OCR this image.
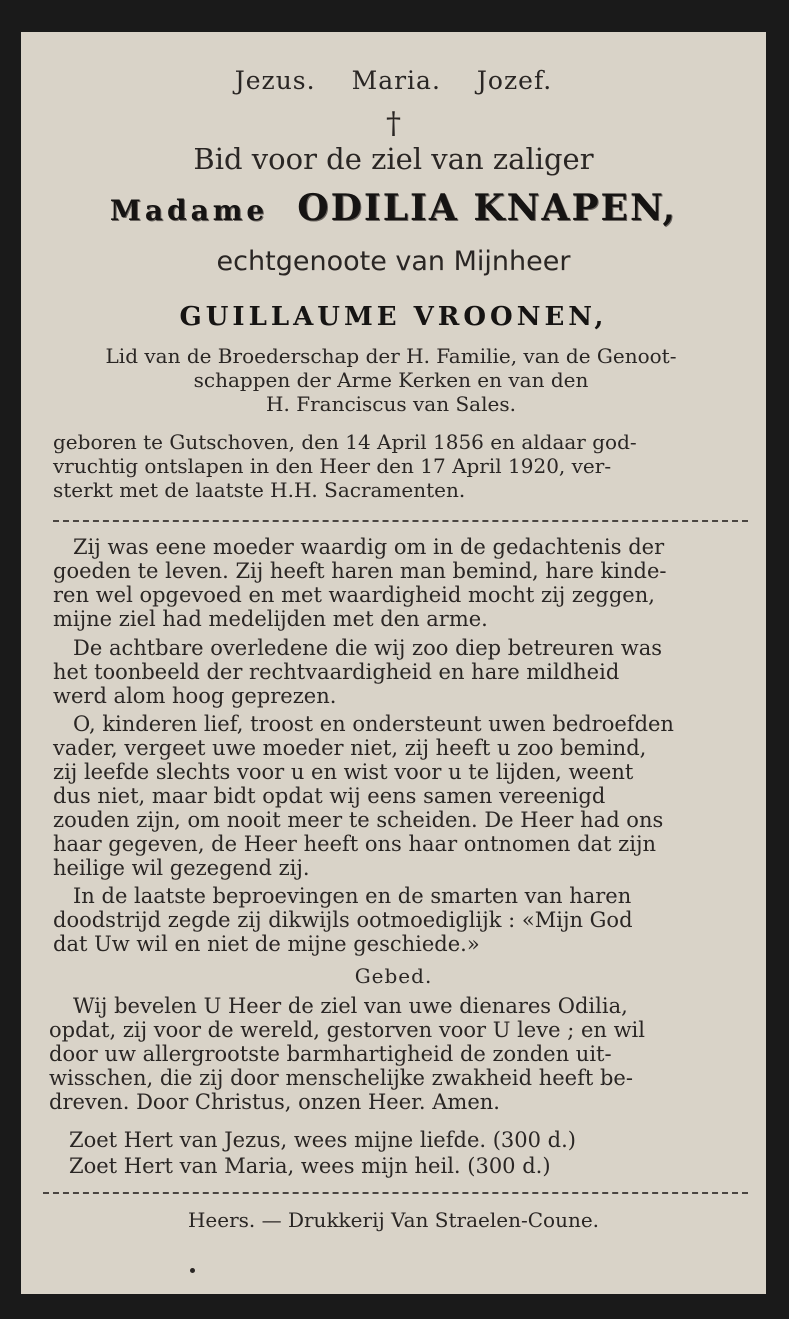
Jezus. Maria. Jozef.
†
Bid voor de ziel van zaliger
Madame ODILIA KNAPEN,
echtgenoote van Mijnheer
GUILLAUME VROONEN,
Lid van de Broederschap der H. Familie, van de Genoot-
schappen der Arme Kerken en van den
H. Franciscus van Sales.
geboren te Gutschoven, den 14 April 1856 en aldaar god-
vruchtig ontslapen in den Heer den 17 April 1920, ver-
sterkt met de laatste H.H. Sacramenten.
Zij was eene moeder waardig om in de gedachtenis der
goeden te leven. Zij heeft haren man bemind, hare kinde-
ren wel opgevoed en met waardigheid mocht zij zeggen,
mijne ziel had medelijden met den arme.
De achtbare overledene die wij zoo diep betreuren was
het toonbeeld der rechtvaardigheid en hare mildheid
werd alom hoog geprezen.
O, kinderen lief, troost en ondersteunt uwen bedroefden
vader, vergeet uwe moeder niet, zij heeft u zoo bemind,
zij leefde slechts voor u en wist voor u te lijden, weent
dus niet, maar bidt opdat wij eens samen vereenigd
zouden zijn, om nooit meer te scheiden. De Heer had ons
haar gegeven, de Heer heeft ons haar ontnomen dat zijn
heilige wil gezegend zij.
In de laatste beproevingen en de smarten van haren
doodstrijd zegde zij dikwijls ootmoediglijk : «Mijn God
dat Uw wil en niet de mijne geschiede.»
Gebed.
Wij bevelen U Heer de ziel van uwe dienares Odilia,
opdat, zij voor de wereld, gestorven voor U leve ; en wil
door uw allergrootste barmhartigheid de zonden uit-
wisschen, die zij door menschelijke zwakheid heeft be-
dreven. Door Christus, onzen Heer. Amen.
Zoet Hert van Jezus, wees mijne liefde. (300 d.)
Zoet Hert van Maria, wees mijn heil. (300 d.)
Heers. — Drukkerij Van Straelen-Coune.
